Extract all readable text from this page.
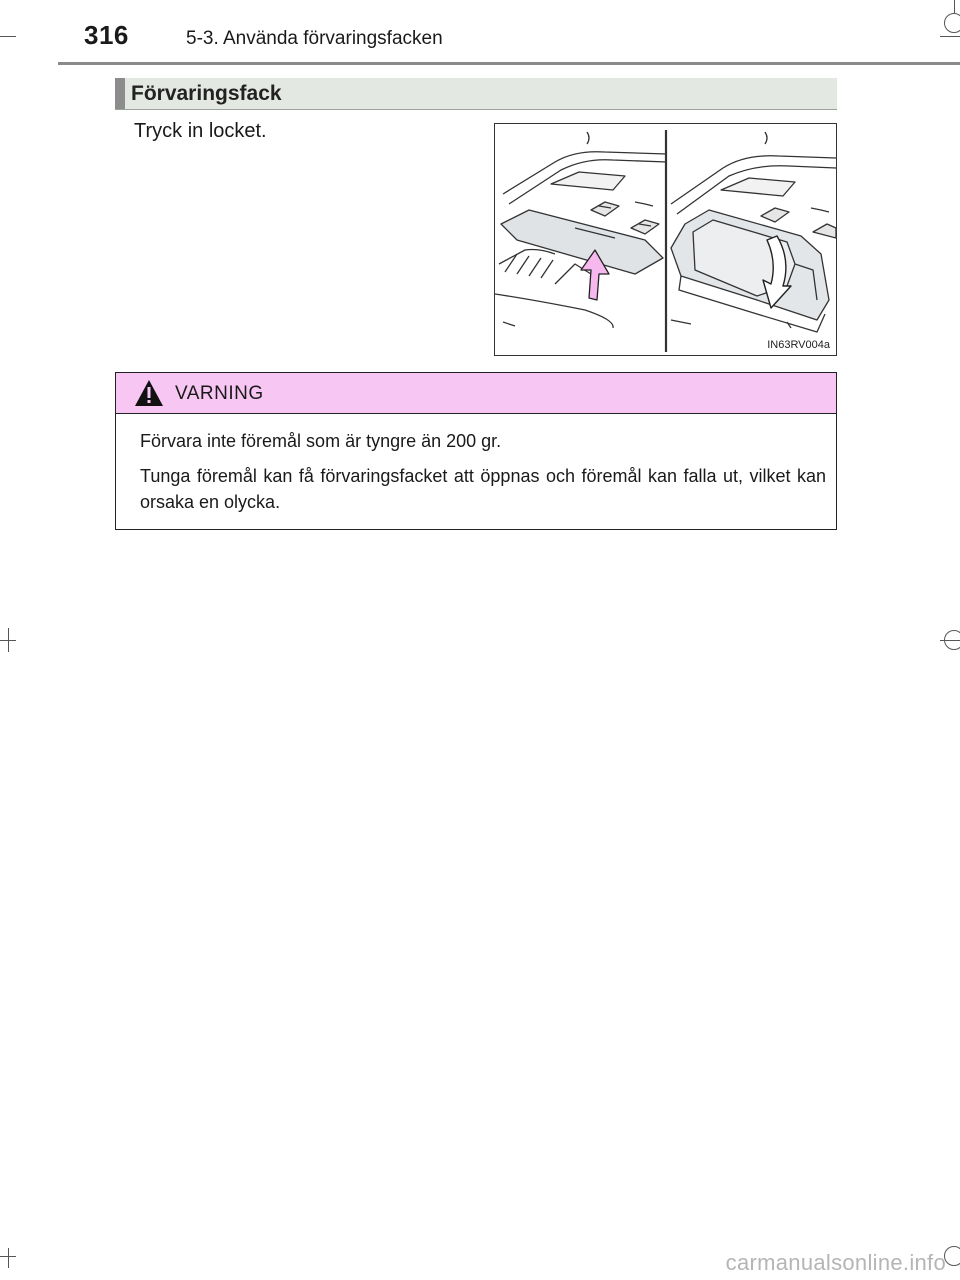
316	5-3. Använda förvaringsfacken
Förvaringsfack
Tryck in locket.
IN63RV004a
VARNING
Förvara inte föremål som är tyngre än 200 gr.
Tunga föremål kan få förvaringsfacket att öppnas och föremål kan falla ut, vilket kan orsaka en olycka.
carmanualsonline.info
